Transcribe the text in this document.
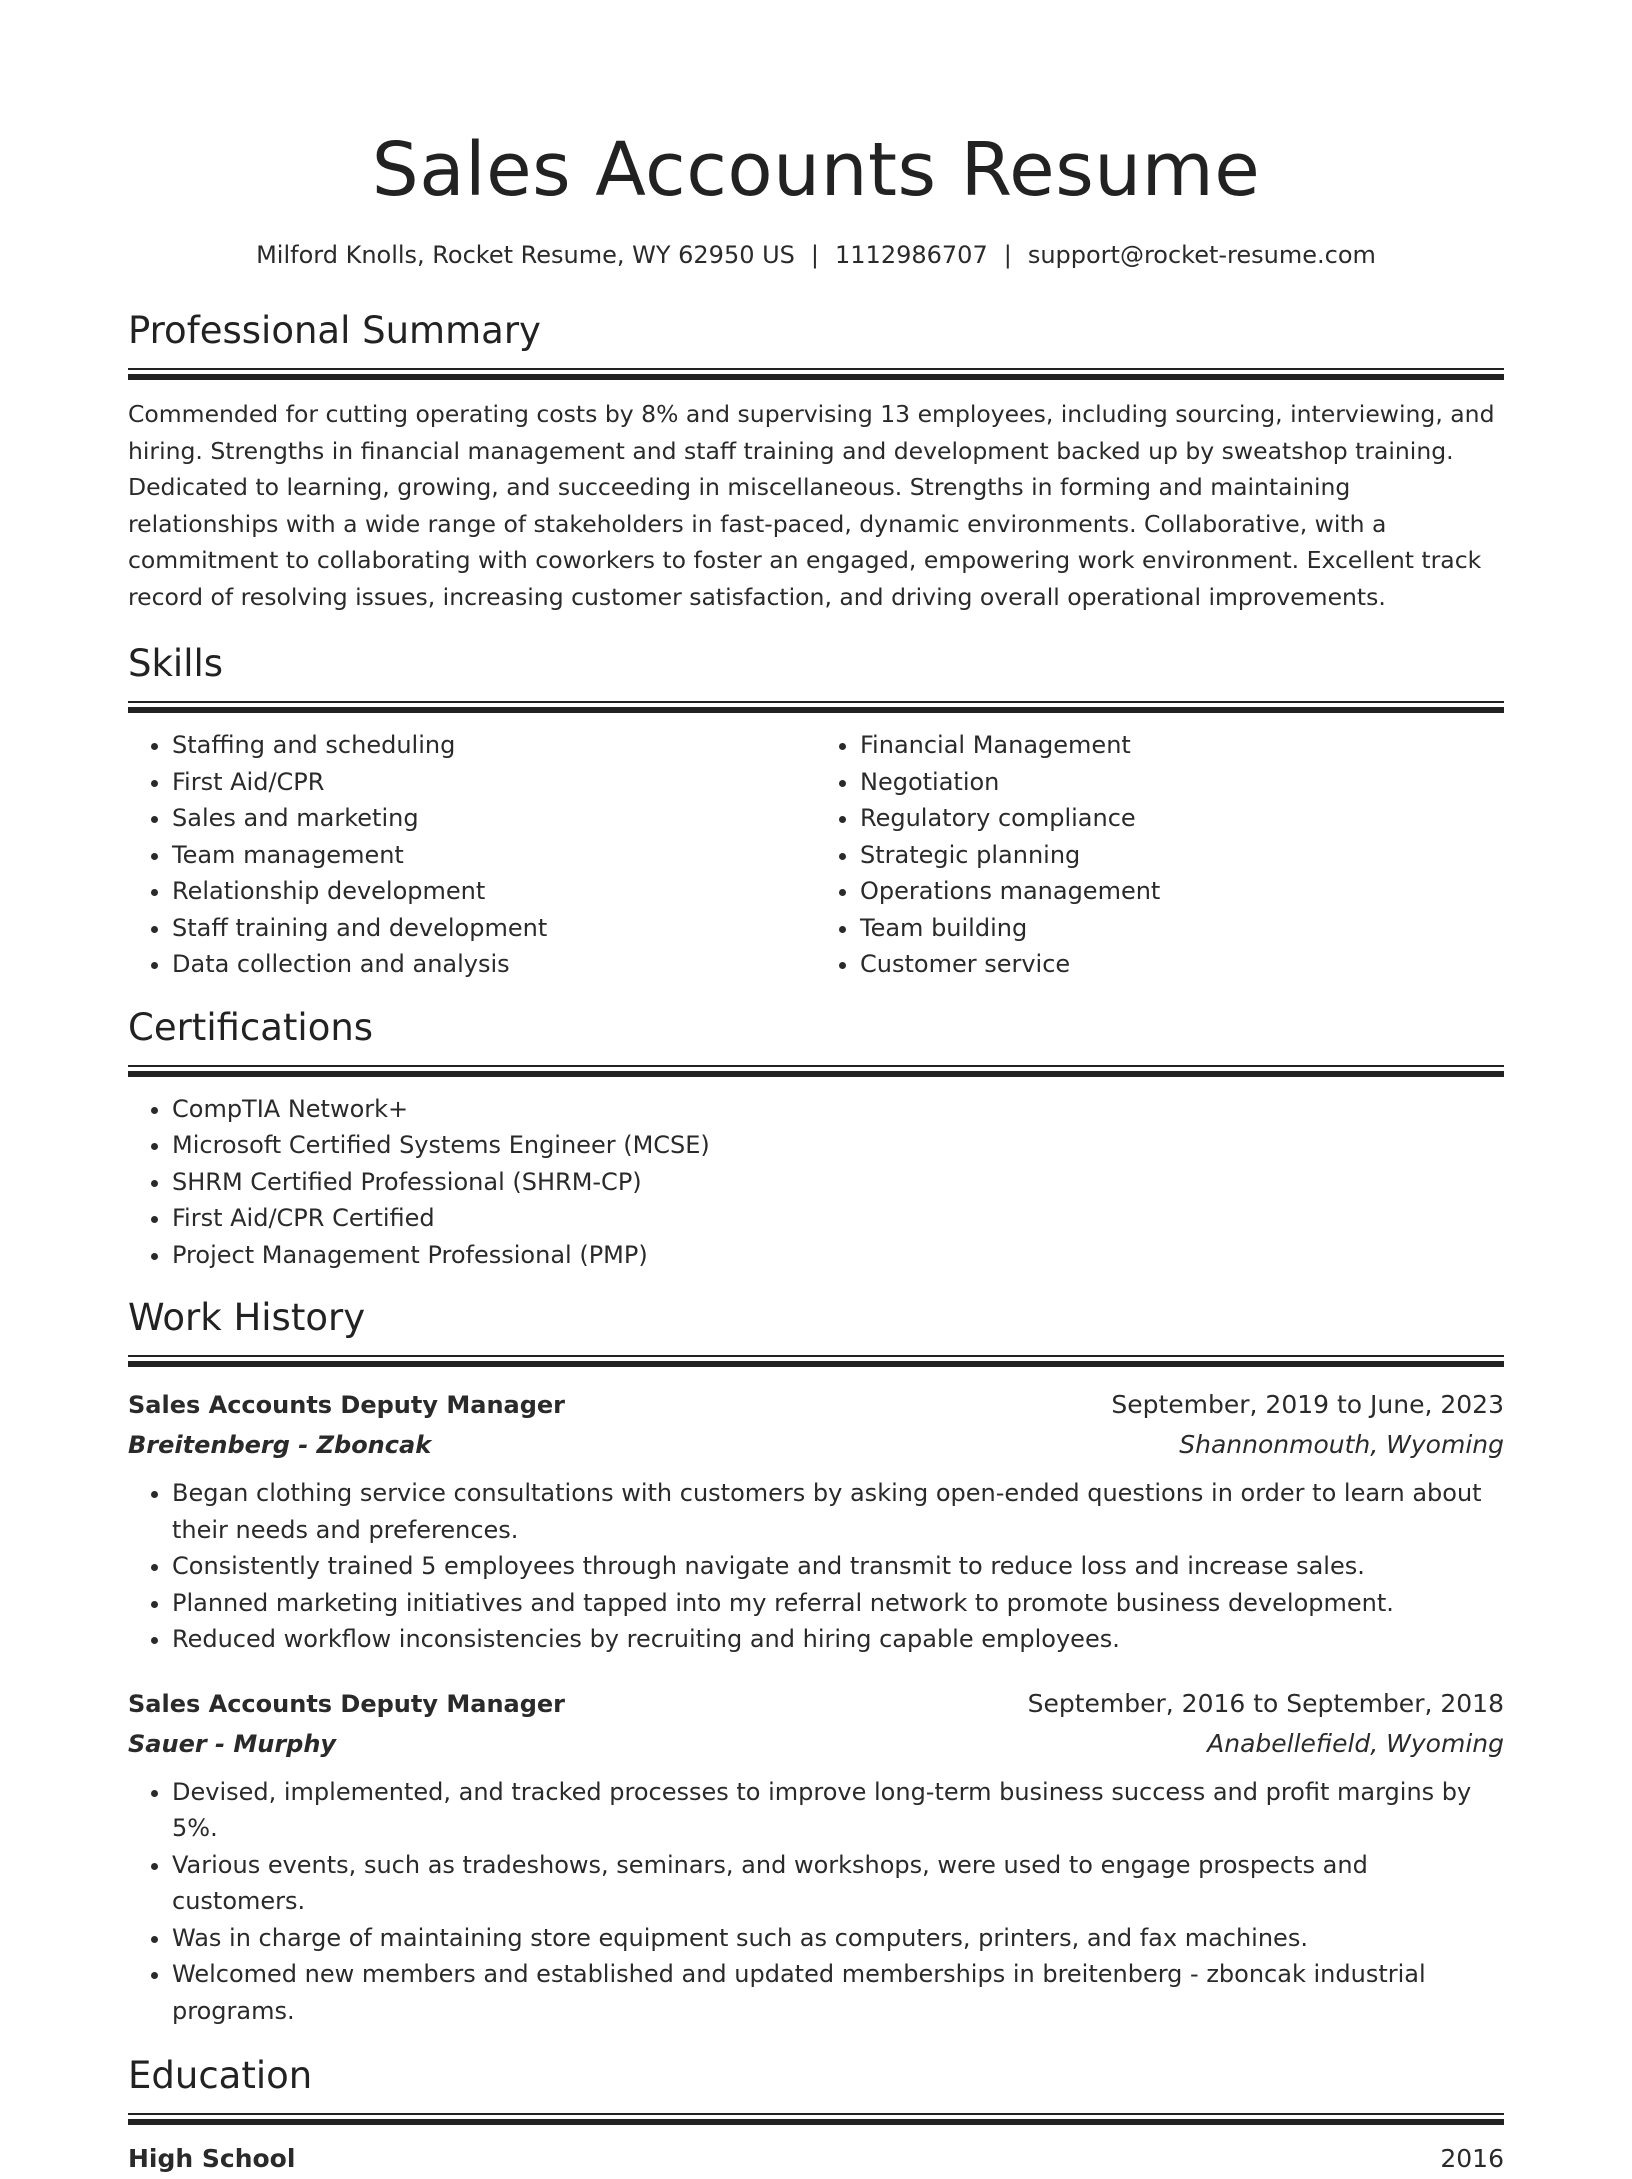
Sales Accounts Resume
Milford Knolls, Rocket Resume, WY 62950 US | 1112986707 | support@rocket-resume.com
Professional Summary

Commended for cutting operating costs by 8% and supervising 13 employees, including sourcing, interviewing, and hiring. Strengths in financial management and staff training and development backed up by sweatshop training. Dedicated to learning, growing, and succeeding in miscellaneous. Strengths in forming and maintaining relationships with a wide range of stakeholders in fast-paced, dynamic environments. Collaborative, with a commitment to collaborating with coworkers to foster an engaged, empowering work environment. Excellent track record of resolving issues, increasing customer satisfaction, and driving overall operational improvements.

Skills
• Staffing and scheduling
• First Aid/CPR
• Sales and marketing
• Team management
• Relationship development
• Staff training and development
• Data collection and analysis
• Financial Management
• Negotiation
• Regulatory compliance
• Strategic planning
• Operations management
• Team building
• Customer service
Certifications
• CompTIA Network+
• Microsoft Certified Systems Engineer (MCSE)
• SHRM Certified Professional (SHRM-CP)
• First Aid/CPR Certified
• Project Management Professional (PMP)
Work History
Sales Accounts Deputy Manager	September, 2019 to June, 2023
Breitenberg - Zboncak	Shannonmouth, Wyoming
• Began clothing service consultations with customers by asking open-ended questions in order to learn about their needs and preferences.
• Consistently trained 5 employees through navigate and transmit to reduce loss and increase sales.
• Planned marketing initiatives and tapped into my referral network to promote business development.
• Reduced workflow inconsistencies by recruiting and hiring capable employees.
Sales Accounts Deputy Manager	September, 2016 to September, 2018
Sauer - Murphy	Anabellefield, Wyoming
• Devised, implemented, and tracked processes to improve long-term business success and profit margins by 5%.
• Various events, such as tradeshows, seminars, and workshops, were used to engage prospects and customers.
• Was in charge of maintaining store equipment such as computers, printers, and fax machines.
• Welcomed new members and established and updated memberships in breitenberg - zboncak industrial programs.
Education
High School	2016
